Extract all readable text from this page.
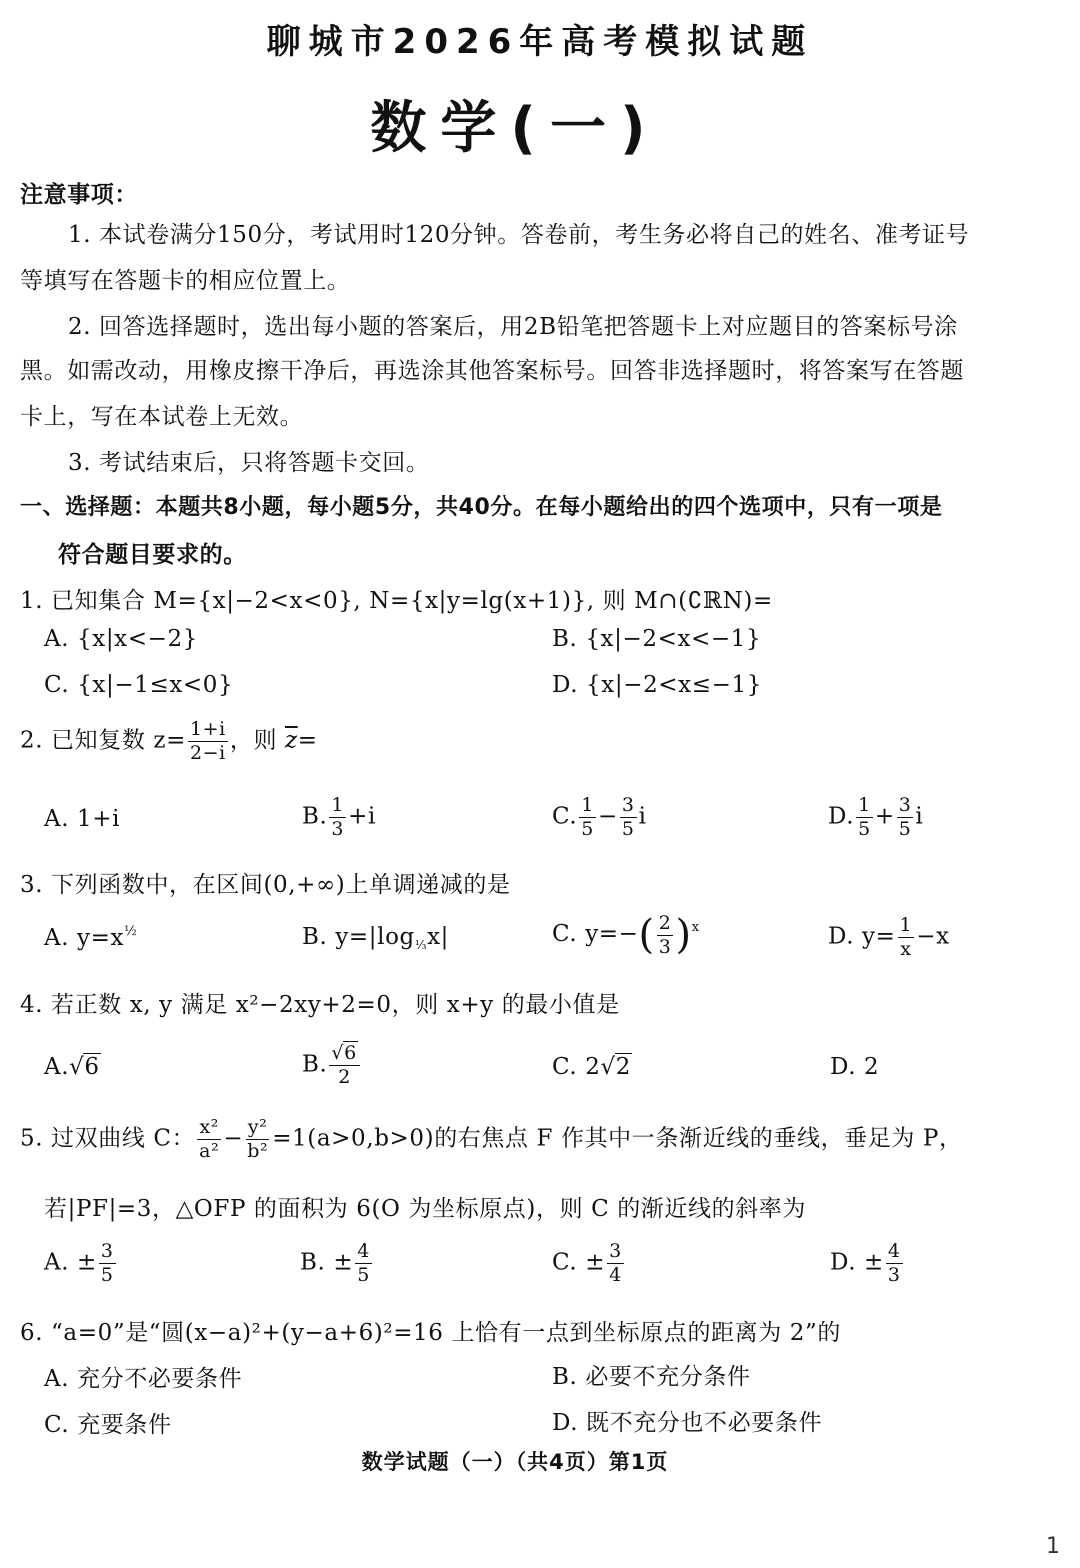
聊城市2026年高考模拟试题
数学(一)
注意事项：
1. 本试卷满分150分，考试用时120分钟。答卷前，考生务必将自己的姓名、准考证号
等填写在答题卡的相应位置上。
2. 回答选择题时，选出每小题的答案后，用2B铅笔把答题卡上对应题目的答案标号涂
黑。如需改动，用橡皮擦干净后，再选涂其他答案标号。回答非选择题时，将答案写在答题
卡上，写在本试卷上无效。
3. 考试结束后，只将答题卡交回。
一、选择题：本题共8小题，每小题5分，共40分。在每小题给出的四个选项中，只有一项是
符合题目要求的。
1. 已知集合 M={x|−2<x<0}, N={x|y=lg(x+1)}, 则 M∩(∁ℝN)=
A. {x|x<−2}	B. {x|−2<x<−1}
C. {x|−1≤x<0}	D. {x|−2<x≤−1}
2. 已知复数 $z= \frac{1+i}{2-i}$ ，则 $\overline{z}=$
A. 1+i	B. $\frac{1}{3} +i$	C. $\frac{1}{5} - \frac{3}{5}$ i	D. $\frac{1}{5} + \frac{3}{5}$ i
3. 下列函数中，在区间(0,+∞)上单调递减的是
A. $y=x^{\frac{1}{2}}$	B. $y=|\log_{\frac{1}{3}}x|$	C. $y=-( \frac{2}{3} )^x$	D. $y= \frac{1}{x} -x$
4. 若正数 x, y 满足 x²−2xy+2=0，则 x+y 的最小值是
A.√6	B. $\frac{√6}{2}$	C. 2√2	D. 2
5. 过双曲线 C： $\frac{\text{x²}}{\text{a²}} - \frac{\text{y²}}{\text{b²}} =1(a>0,b>0)$的右焦点 F 作其中一条渐近线的垂线，垂足为 P，
若|PF|=3，△OFP 的面积为 6(O 为坐标原点)，则 C 的渐近线的斜率为
A. ± $\frac{3}{5}$	B. ± $\frac{4}{5}$	C. ± $\frac{3}{4}$	D. ± $\frac{4}{3}$
6. “a=0”是“圆(x−a)²+(y−a+6)²=16 上恰有一点到坐标原点的距离为 2”的
A. 充分不必要条件	B. 必要不充分条件
C. 充要条件	D. 既不充分也不必要条件
数学试题（一）（共4页）第1页
1
